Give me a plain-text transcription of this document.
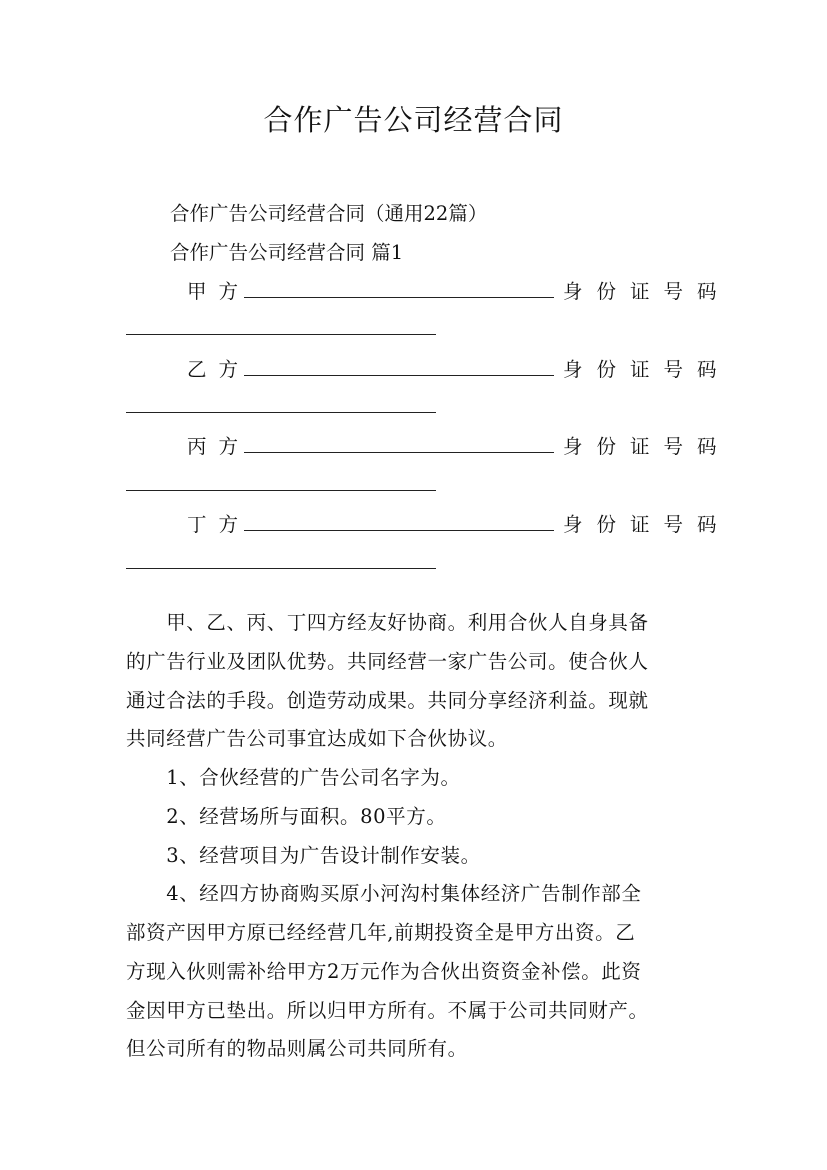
合作广告公司经营合同

合作广告公司经营合同（通用22篇）

合作广告公司经营合同 篇1

甲方	身份证号码
乙方	身份证号码
丙方	身份证号码
丁方	身份证号码

　　甲、乙、丙、丁四方经友好协商。利用合伙人自身具备

的广告行业及团队优势。共同经营一家广告公司。使合伙人

通过合法的手段。创造劳动成果。共同分享经济利益。现就

共同经营广告公司事宜达成如下合伙协议。

　　1、合伙经营的广告公司名字为。

　　2、经营场所与面积。80平方。

　　3、经营项目为广告设计制作安装。

　　4、经四方协商购买原小河沟村集体经济广告制作部全

部资产因甲方原已经经营几年,前期投资全是甲方出资。乙

方现入伙则需补给甲方2万元作为合伙出资资金补偿。此资

金因甲方已垫出。所以归甲方所有。不属于公司共同财产。

但公司所有的物品则属公司共同所有。
